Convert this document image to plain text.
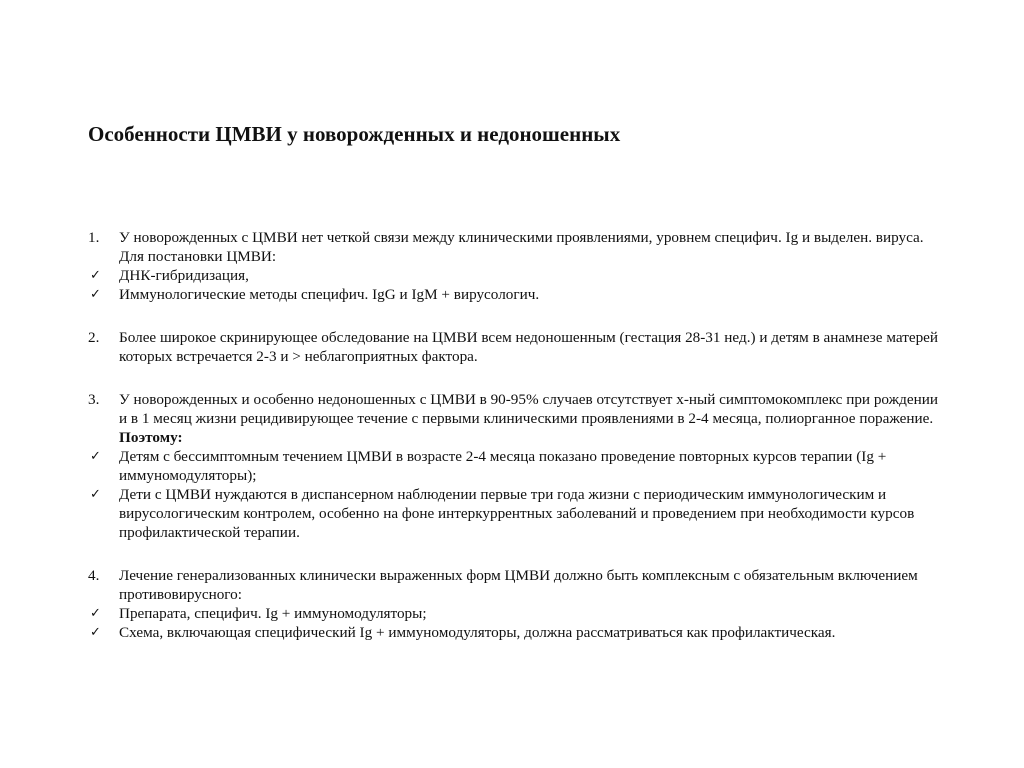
Особенности ЦМВИ у новорожденных и недоношенных
1.	У новорожденных с ЦМВИ нет четкой связи между клиническими проявлениями, уровнем специфич. Ig и выделен. вируса. Для постановки ЦМВИ:
✓	ДНК-гибридизация,
✓	Иммунологические методы специфич. IgG и IgM + вирусологич.
2.	Более широкое скринирующее обследование на ЦМВИ всем недоношенным (гестация 28-31 нед.) и детям в анамнезе матерей которых встречается 2-3 и > неблагоприятных фактора.
3.	У новорожденных и особенно недоношенных с ЦМВИ в 90-95% случаев отсутствует х-ный симптомокомплекс при рождении и в 1 месяц жизни рецидивирующее течение с первыми клиническими проявлениями в 2-4 месяца, полиорганное поражение. Поэтому:
✓	Детям с бессимптомным течением ЦМВИ в возрасте 2-4 месяца показано проведение повторных курсов терапии (Ig + иммуномодуляторы);
✓	Дети с ЦМВИ нуждаются в диспансерном наблюдении первые три года жизни с периодическим иммунологическим и вирусологическим контролем, особенно на фоне интеркуррентных заболеваний и проведением при необходимости курсов профилактической терапии.
4.	Лечение генерализованных клинически выраженных форм ЦМВИ должно быть комплексным с обязательным включением противовирусного:
✓	Препарата, специфич. Ig + иммуномодуляторы;
✓	Схема, включающая специфический Ig + иммуномодуляторы, должна рассматриваться как профилактическая.
